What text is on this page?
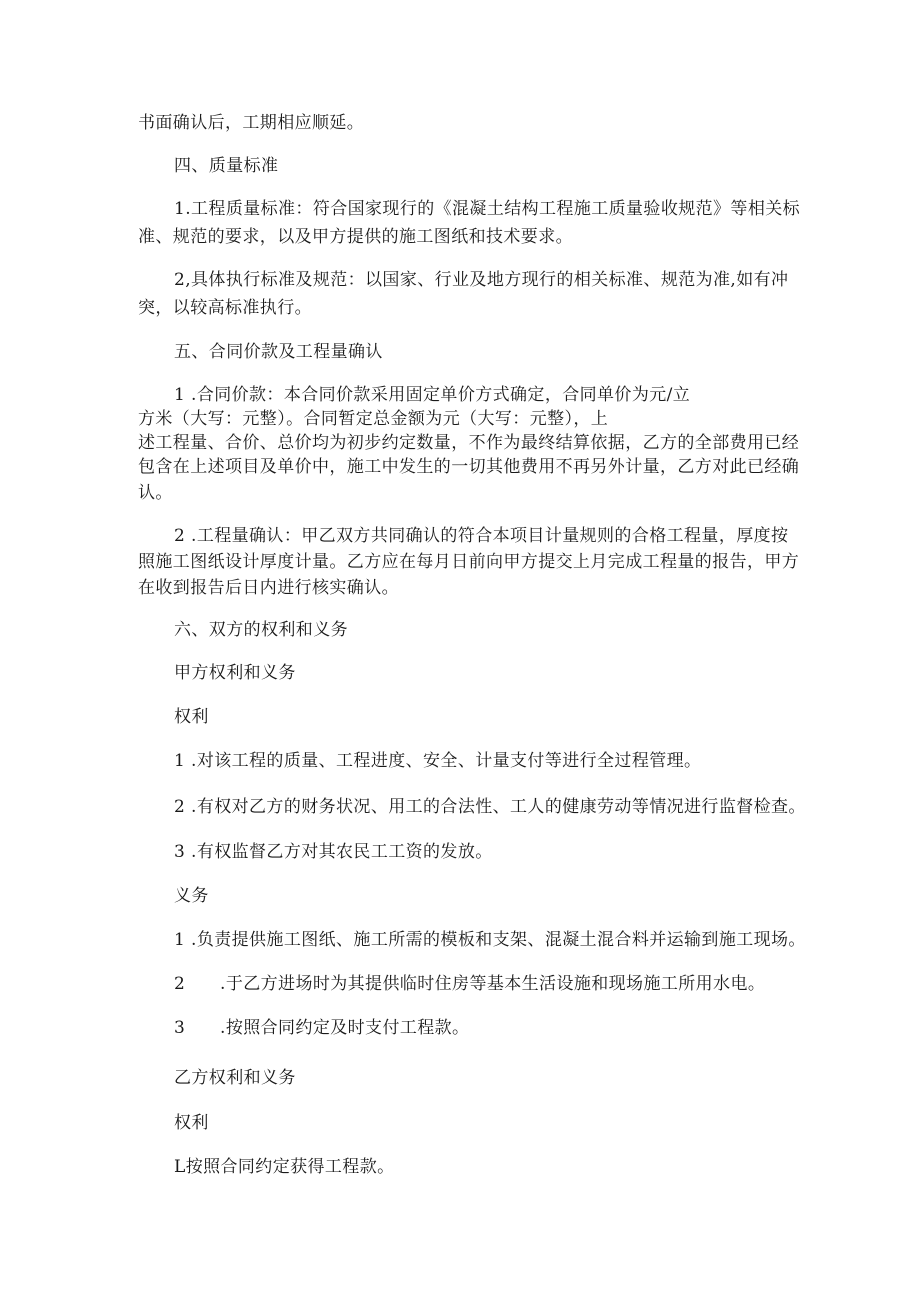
书面确认后，工期相应顺延。
四、质量标准
1.工程质量标准：符合国家现行的《混凝土结构工程施工质量验收规范》等相关标
准、规范的要求，以及甲方提供的施工图纸和技术要求。
2,具体执行标准及规范：以国家、行业及地方现行的相关标准、规范为准,如有冲
突，以较高标准执行。
五、合同价款及工程量确认
1 .合同价款：本合同价款采用固定单价方式确定，合同单价为元/立
方米（大写：元整）。合同暂定总金额为元（大写：元整），上
述工程量、合价、总价均为初步约定数量，不作为最终结算依据，乙方的全部费用已经
包含在上述项目及单价中，施工中发生的一切其他费用不再另外计量，乙方对此已经确
认。
2 .工程量确认：甲乙双方共同确认的符合本项目计量规则的合格工程量，厚度按
照施工图纸设计厚度计量。乙方应在每月日前向甲方提交上月完成工程量的报告，甲方
在收到报告后日内进行核实确认。
六、双方的权利和义务
甲方权利和义务
权利
1 .对该工程的质量、工程进度、安全、计量支付等进行全过程管理。
2 .有权对乙方的财务状况、用工的合法性、工人的健康劳动等情况进行监督检查。
3 .有权监督乙方对其农民工工资的发放。
义务
1 .负责提供施工图纸、施工所需的模板和支架、混凝土混合料并运输到施工现场。
2      .于乙方进场时为其提供临时住房等基本生活设施和现场施工所用水电。
3      .按照合同约定及时支付工程款。
乙方权利和义务
权利
L按照合同约定获得工程款。
